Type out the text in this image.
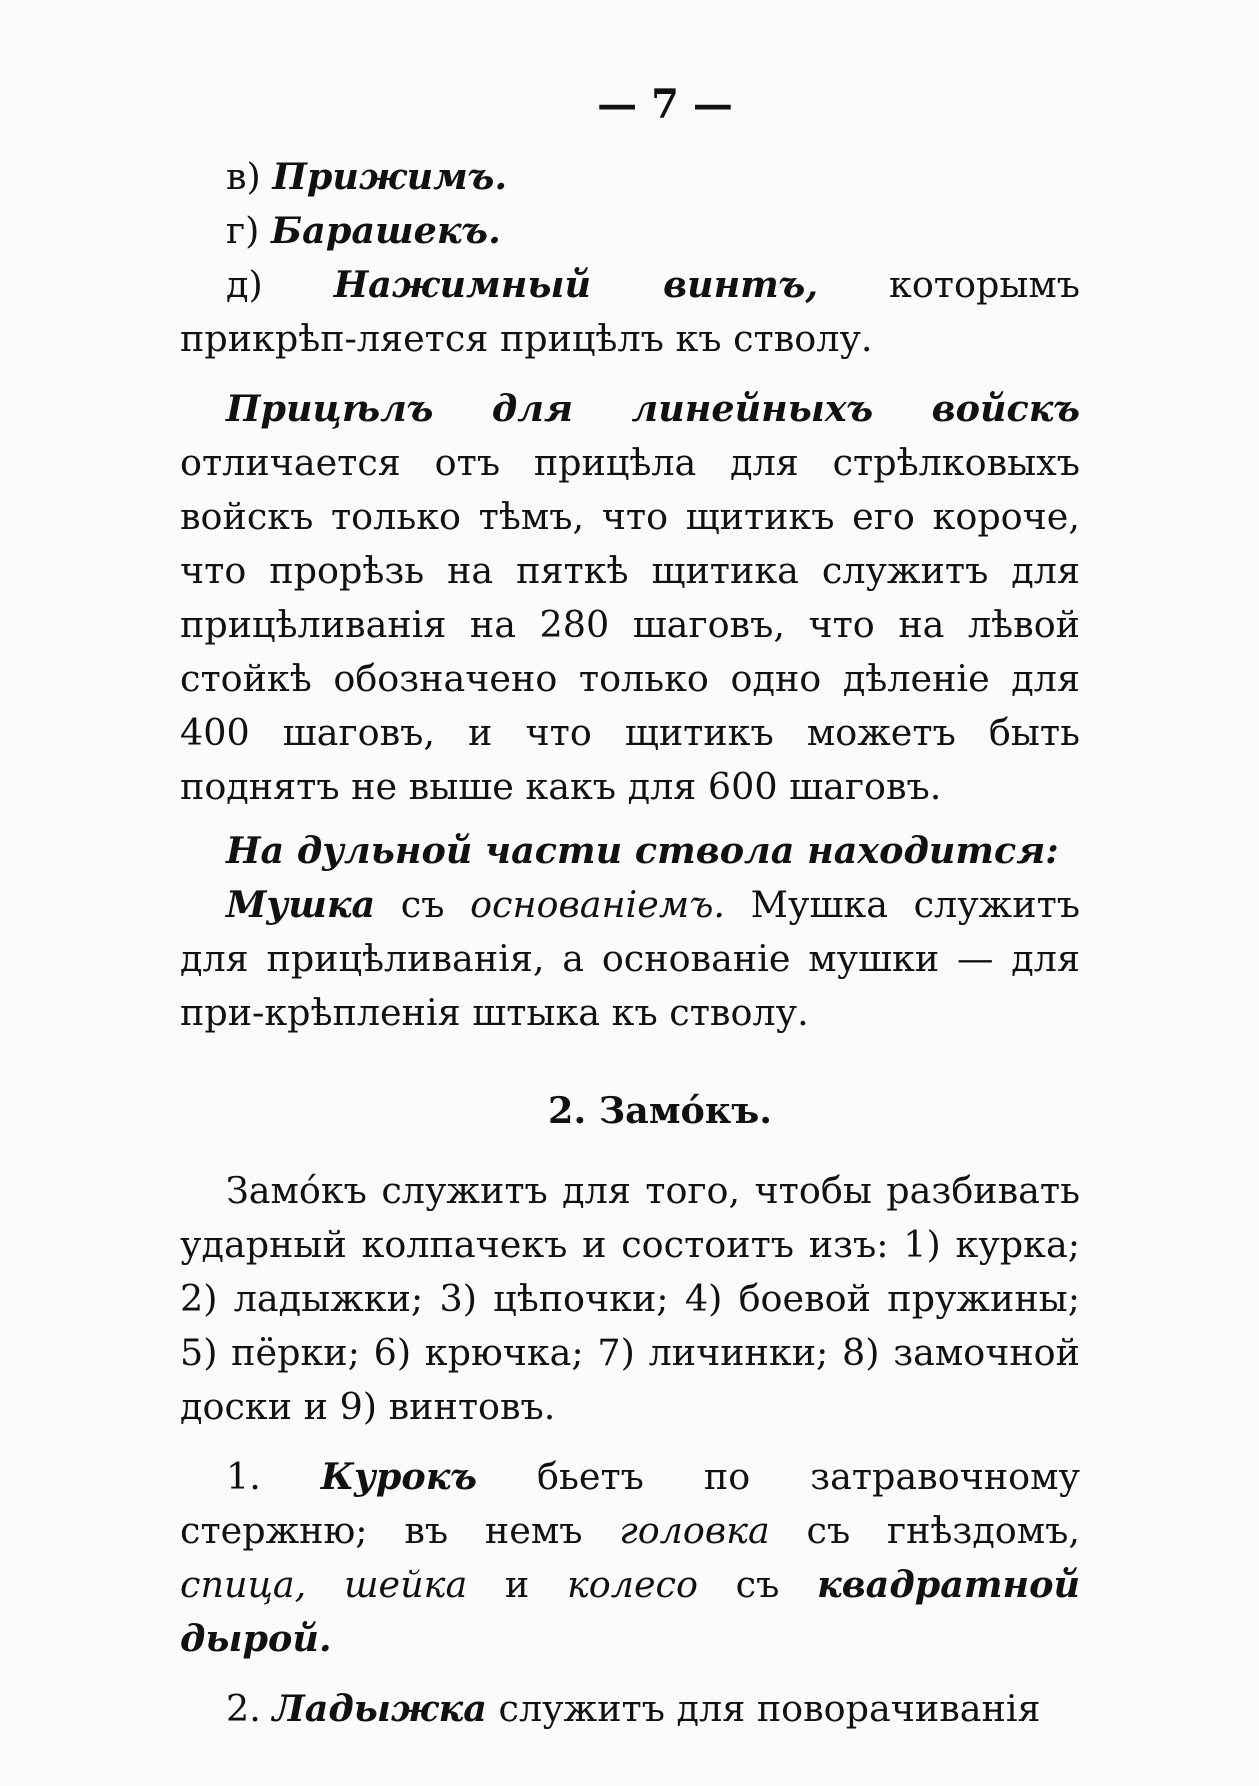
— 7 —
в) Прижимъ.
г) Барашекъ.
д) Нажимный винтъ, которымъ прикрѣп-ляется прицѣлъ къ стволу.
Прицѣлъ для линейныхъ войскъ отличается отъ прицѣла для стрѣлковыхъ войскъ только тѣмъ, что щитикъ его короче, что прорѣзь на пяткѣ щитика служитъ для прицѣливанія на 280 шаговъ, что на лѣвой стойкѣ обозначено только одно дѣленіе для 400 шаговъ, и что щитикъ можетъ быть поднятъ не выше какъ для 600 шаговъ.
На дульной части ствола находится:
Мушка съ основаніемъ. Мушка служитъ для прицѣливанія, а основаніе мушки — для при-крѣпленія штыка къ стволу.
2. Замо́къ.
Замо́къ служитъ для того, чтобы разбивать ударный колпачекъ и состоитъ изъ: 1) курка; 2) ладыжки; 3) цѣпочки; 4) боевой пружины; 5) пёрки; 6) крючка; 7) личинки; 8) замочной доски и 9) винтовъ.
1. Курокъ бьетъ по затравочному стержню; въ немъ головка съ гнѣздомъ, спица, шейка и колесо съ квадратной дырой.
2. Ладыжка служитъ для поворачиванія
